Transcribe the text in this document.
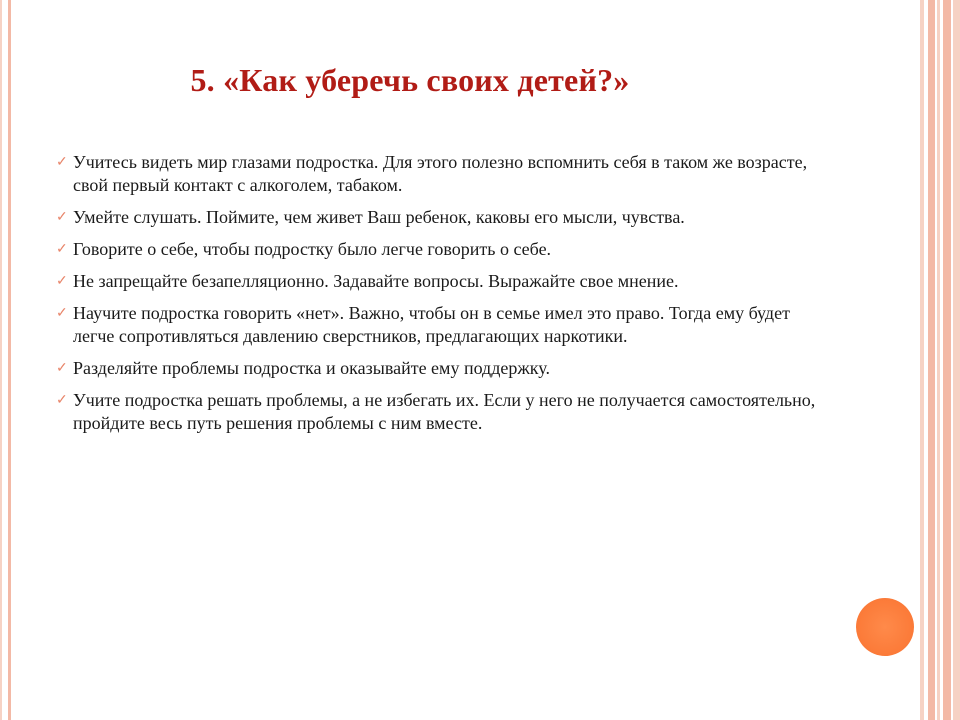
5. «Как уберечь своих детей?»
✓ Учитесь видеть мир глазами подростка. Для этого полезно вспомнить себя в таком же возрасте, свой первый контакт с алкоголем, табаком.
✓ Умейте слушать. Поймите, чем живет Ваш ребенок, каковы его мысли, чувства.
✓ Говорите о себе, чтобы подростку было легче говорить о себе.
✓ Не запрещайте безапелляционно. Задавайте вопросы. Выражайте свое мнение.
✓ Научите подростка говорить «нет». Важно, чтобы он в семье имел это право. Тогда ему будет легче сопротивляться давлению сверстников, предлагающих наркотики.
✓ Разделяйте проблемы подростка и оказывайте ему поддержку.
✓ Учите подростка решать проблемы, а не избегать их. Если у него не получается самостоятельно, пройдите весь путь решения проблемы с ним вместе.
